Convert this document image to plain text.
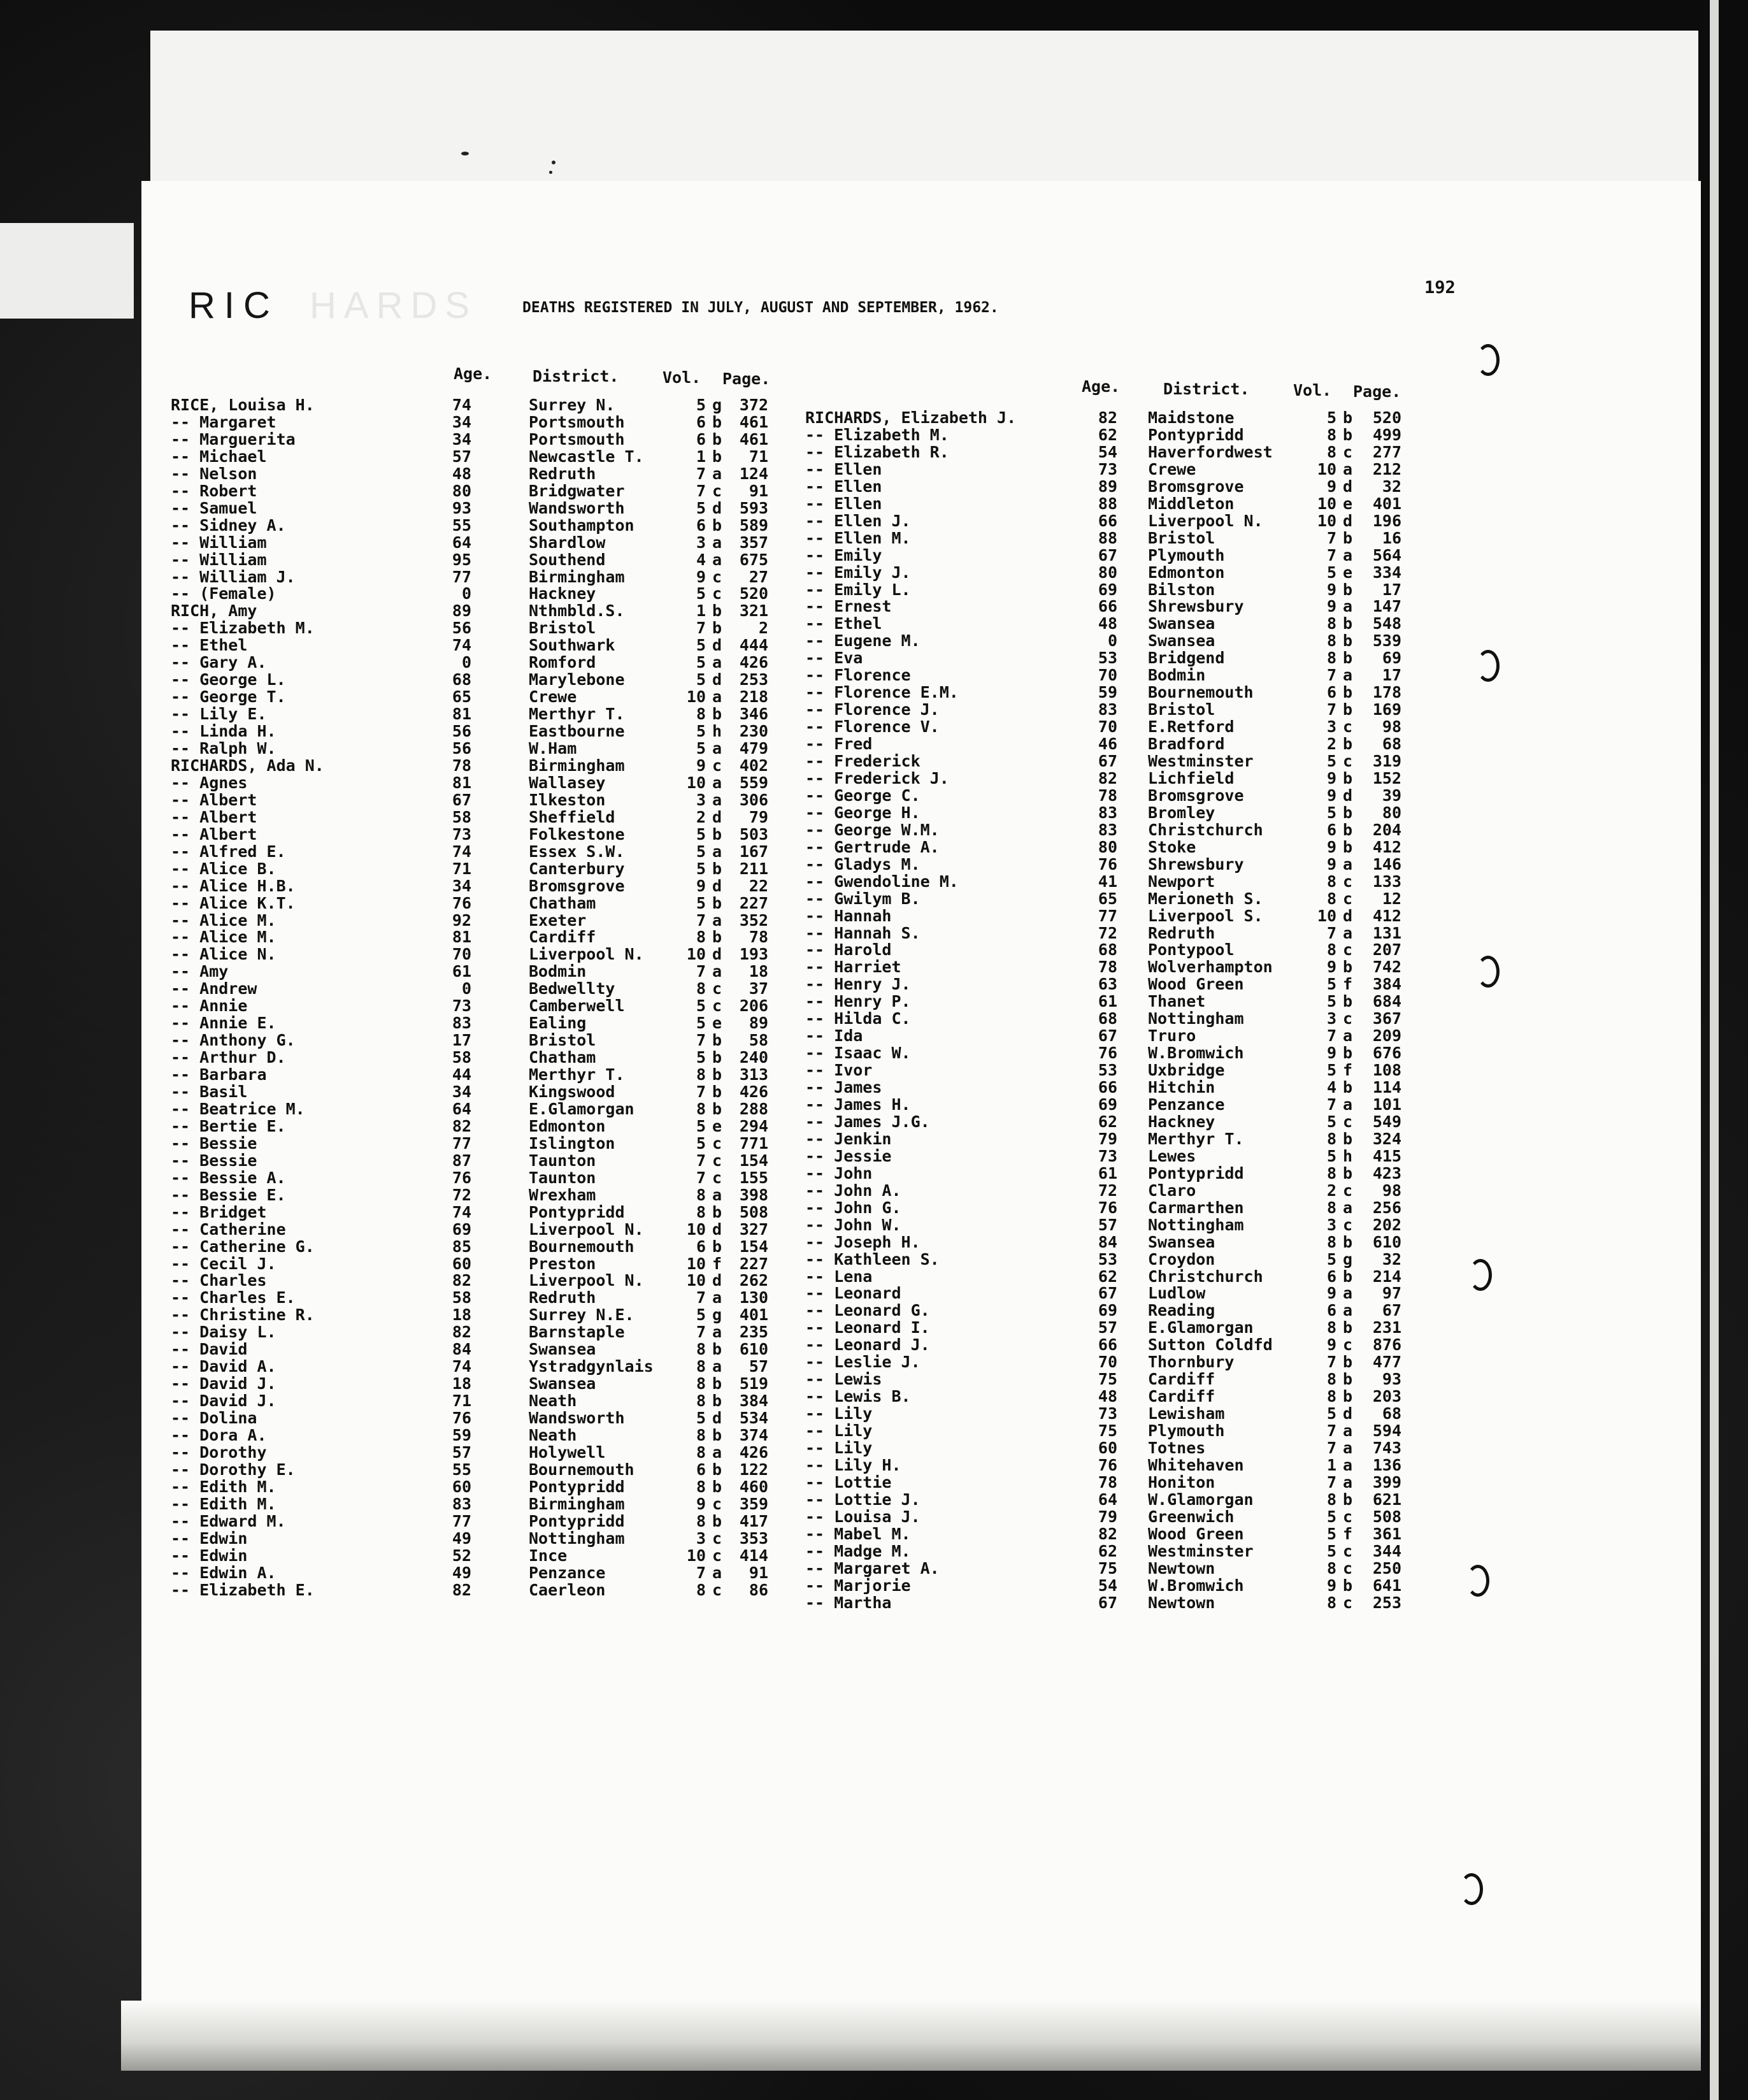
RIC HARDS	DEATHS REGISTERED IN JULY, AUGUST AND SEPTEMBER, 1962.
192
Age.	District.	Vol. Page.	Age.	District.	Vol. Page.
RICE, Louisa H.	74	Surrey N.	5 g	372
-- Margaret	34	Portsmouth	6 b	461
-- Marguerita	34	Portsmouth	6 b	461
-- Michael	57	Newcastle T.	1 b	71
-- Nelson	48	Redruth	7 a	124
-- Robert	80	Bridgwater	7 c	91
-- Samuel	93	Wandsworth	5 d	593
-- Sidney A.	55	Southampton	6 b	589
-- William	64	Shardlow	3 a	357
-- William	95	Southend	4 a	675
-- William J.	77	Birmingham	9 c	27
-- (Female)	0	Hackney	5 c	520
RICH, Amy	89	Nthmbld.S.	1 b	321
-- Elizabeth M.	56	Bristol	7 b	2
-- Ethel	74	Southwark	5 d	444
-- Gary A.	0	Romford	5 a	426
-- George L.	68	Marylebone	5 d	253
-- George T.	65	Crewe	10 a	218
-- Lily E.	81	Merthyr T.	8 b	346
-- Linda H.	56	Eastbourne	5 h	230
-- Ralph W.	56	W.Ham	5 a	479
RICHARDS, Ada N.	78	Birmingham	9 c	402
-- Agnes	81	Wallasey	10 a	559
-- Albert	67	Ilkeston	3 a	306
-- Albert	58	Sheffield	2 d	79
-- Albert	73	Folkestone	5 b	503
-- Alfred E.	74	Essex S.W.	5 a	167
-- Alice B.	71	Canterbury	5 b	211
-- Alice H.B.	34	Bromsgrove	9 d	22
-- Alice K.T.	76	Chatham	5 b	227
-- Alice M.	92	Exeter	7 a	352
-- Alice M.	81	Cardiff	8 b	78
-- Alice N.	70	Liverpool N.	10 d	193
-- Amy	61	Bodmin	7 a	18
-- Andrew	0	Bedwellty	8 c	37
-- Annie	73	Camberwell	5 c	206
-- Annie E.	83	Ealing	5 e	89
-- Anthony G.	17	Bristol	7 b	58
-- Arthur D.	58	Chatham	5 b	240
-- Barbara	44	Merthyr T.	8 b	313
-- Basil	34	Kingswood	7 b	426
-- Beatrice M.	64	E.Glamorgan	8 b	288
-- Bertie E.	82	Edmonton	5 e	294
-- Bessie	77	Islington	5 c	771
-- Bessie	87	Taunton	7 c	154
-- Bessie A.	76	Taunton	7 c	155
-- Bessie E.	72	Wrexham	8 a	398
-- Bridget	74	Pontypridd	8 b	508
-- Catherine	69	Liverpool N.	10 d	327
-- Catherine G.	85	Bournemouth	6 b	154
-- Cecil J.	60	Preston	10 f	227
-- Charles	82	Liverpool N.	10 d	262
-- Charles E.	58	Redruth	7 a	130
-- Christine R.	18	Surrey N.E.	5 g	401
-- Daisy L.	82	Barnstaple	7 a	235
-- David	84	Swansea	8 b	610
-- David A.	74	Ystradgynlais	8 a	57
-- David J.	18	Swansea	8 b	519
-- David J.	71	Neath	8 b	384
-- Dolina	76	Wandsworth	5 d	534
-- Dora A.	59	Neath	8 b	374
-- Dorothy	57	Holywell	8 a	426
-- Dorothy E.	55	Bournemouth	6 b	122
-- Edith M.	60	Pontypridd	8 b	460
-- Edith M.	83	Birmingham	9 c	359
-- Edward M.	77	Pontypridd	8 b	417
-- Edwin	49	Nottingham	3 c	353
-- Edwin	52	Ince	10 c	414
-- Edwin A.	49	Penzance	7 a	91
-- Elizabeth E.	82	Caerleon	8 c	86
RICHARDS, Elizabeth J.	82 Maidstone	5 b	520
-- Elizabeth M.	62 Pontypridd	8 b	499
-- Elizabeth R.	54 Haverfordwest	8 c	277
-- Ellen	73 Crewe	10 a	212
-- Ellen	89 Bromsgrove	9 d	32
-- Ellen	88 Middleton	10 e	401
-- Ellen J.	66 Liverpool N.	10 d	196
-- Ellen M.	88 Bristol	7 b	16
-- Emily	67 Plymouth	7 a	564
-- Emily J.	80 Edmonton	5 e	334
-- Emily L.	69 Bilston	9 b	17
-- Ernest	66 Shrewsbury	9 a	147
-- Ethel	48 Swansea	8 b	548
-- Eugene M.	0 Swansea	8 b	539
-- Eva	53 Bridgend	8 b	69
-- Florence	70 Bodmin	7 a	17
-- Florence E.M.	59 Bournemouth	6 b	178
-- Florence J.	83 Bristol	7 b	169
-- Florence V.	70 E.Retford	3 c	98
-- Fred	46 Bradford	2 b	68
-- Frederick	67 Westminster	5 c	319
-- Frederick J.	82 Lichfield	9 b	152
-- George C.	78 Bromsgrove	9 d	39
-- George H.	83 Bromley	5 b	80
-- George W.M.	83 Christchurch	6 b	204
-- Gertrude A.	80 Stoke	9 b	412
-- Gladys M.	76 Shrewsbury	9 a	146
-- Gwendoline M.	41 Newport	8 c	133
-- Gwilym B.	65 Merioneth S.	8 c	12
-- Hannah	77 Liverpool S.	10 d	412
-- Hannah S.	72 Redruth	7 a	131
-- Harold	68 Pontypool	8 c	207
-- Harriet	78 Wolverhampton	9 b	742
-- Henry J.	63 Wood Green	5 f	384
-- Henry P.	61 Thanet	5 b	684
-- Hilda C.	68 Nottingham	3 c	367
-- Ida	67 Truro	7 a	209
-- Isaac W.	76 W.Bromwich	9 b	676
-- Ivor	53 Uxbridge	5 f	108
-- James	66 Hitchin	4 b	114
-- James H.	69 Penzance	7 a	101
-- James J.G.	62 Hackney	5 c	549
-- Jenkin	79 Merthyr T.	8 b	324
-- Jessie	73 Lewes	5 h	415
-- John	61 Pontypridd	8 b	423
-- John A.	72 Claro	2 c	98
-- John G.	76 Carmarthen	8 a	256
-- John W.	57 Nottingham	3 c	202
-- Joseph H.	84 Swansea	8 b	610
-- Kathleen S.	53 Croydon	5 g	32
-- Lena	62 Christchurch	6 b	214
-- Leonard	67 Ludlow	9 a	97
-- Leonard G.	69 Reading	6 a	67
-- Leonard I.	57 E.Glamorgan	8 b	231
-- Leonard J.	66 Sutton Coldfd	9 c	876
-- Leslie J.	70 Thornbury	7 b	477
-- Lewis	75 Cardiff	8 b	93
-- Lewis B.	48 Cardiff	8 b	203
-- Lily	73 Lewisham	5 d	68
-- Lily	75 Plymouth	7 a	594
-- Lily	60 Totnes	7 a	743
-- Lily H.	76 Whitehaven	1 a	136
-- Lottie	78 Honiton	7 a	399
-- Lottie J.	64 W.Glamorgan	8 b	621
-- Louisa J.	79 Greenwich	5 c	508
-- Mabel M.	82 Wood Green	5 f	361
-- Madge M.	62 Westminster	5 c	344
-- Margaret A.	75 Newtown	8 c	250
-- Marjorie	54 W.Bromwich	9 b	641
-- Martha	67 Newtown	8 c	253
